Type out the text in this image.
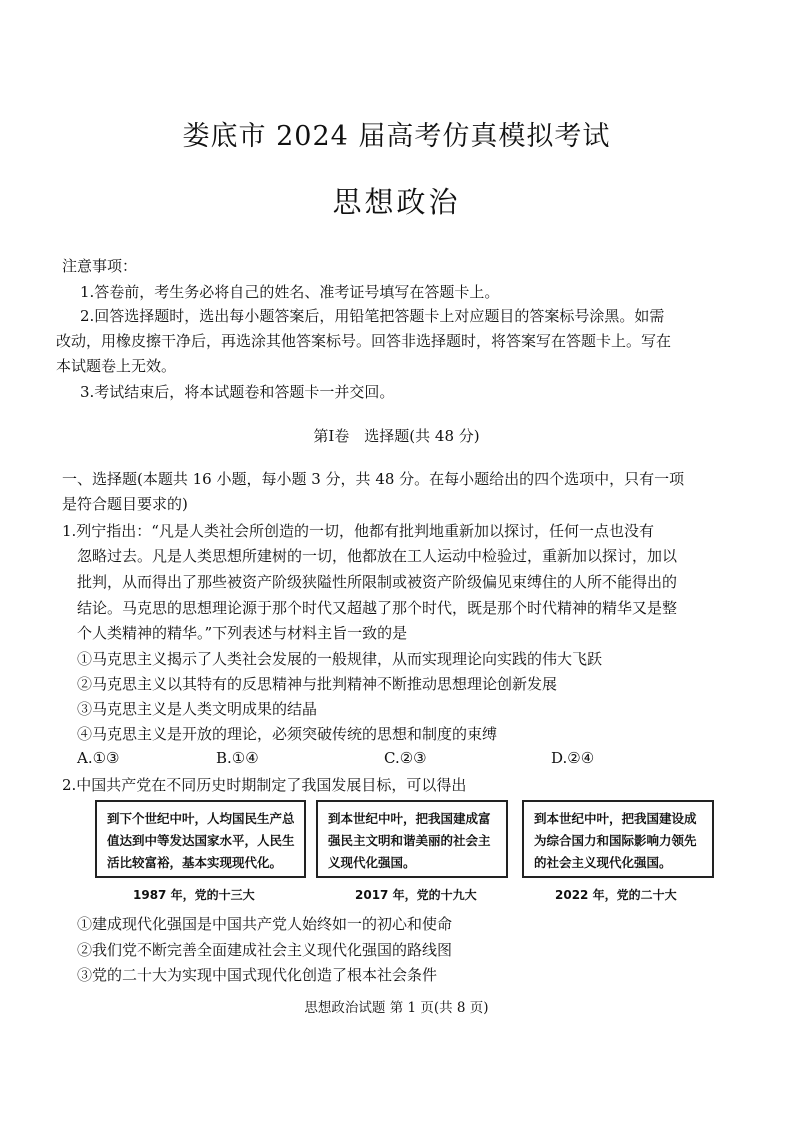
娄底市 2024 届高考仿真模拟考试
思想政治
注意事项：
1.答卷前，考生务必将自己的姓名、准考证号填写在答题卡上。
2.回答选择题时，选出每小题答案后，用铅笔把答题卡上对应题目的答案标号涂黑。如需
改动，用橡皮擦干净后，再选涂其他答案标号。回答非选择题时，将答案写在答题卡上。写在
本试题卷上无效。
3.考试结束后，将本试题卷和答题卡一并交回。
第Ⅰ卷　选择题(共 48 分)
一、选择题(本题共 16 小题，每小题 3 分，共 48 分。在每小题给出的四个选项中，只有一项
是符合题目要求的)
1.列宁指出：“凡是人类社会所创造的一切，他都有批判地重新加以探讨，任何一点也没有
忽略过去。凡是人类思想所建树的一切，他都放在工人运动中检验过，重新加以探讨，加以
批判，从而得出了那些被资产阶级狭隘性所限制或被资产阶级偏见束缚住的人所不能得出的
结论。马克思的思想理论源于那个时代又超越了那个时代，既是那个时代精神的精华又是整
个人类精神的精华。”下列表述与材料主旨一致的是
①马克思主义揭示了人类社会发展的一般规律，从而实现理论向实践的伟大飞跃
②马克思主义以其特有的反思精神与批判精神不断推动思想理论创新发展
③马克思主义是人类文明成果的结晶
④马克思主义是开放的理论，必须突破传统的思想和制度的束缚
A.①③	B.①④	C.②③	D.②④
2.中国共产党在不同历史时期制定了我国发展目标，可以得出
到下个世纪中叶，人均国民生产总
值达到中等发达国家水平，人民生
活比较富裕，基本实现现代化。
到本世纪中叶，把我国建成富
强民主文明和谐美丽的社会主
义现代化强国。
到本世纪中叶，把我国建设成
为综合国力和国际影响力领先
的社会主义现代化强国。
1987 年，党的十三大	2017 年，党的十九大	2022 年，党的二十大
①建成现代化强国是中国共产党人始终如一的初心和使命
②我们党不断完善全面建成社会主义现代化强国的路线图
③党的二十大为实现中国式现代化创造了根本社会条件
思想政治试题 第 1 页(共 8 页)
